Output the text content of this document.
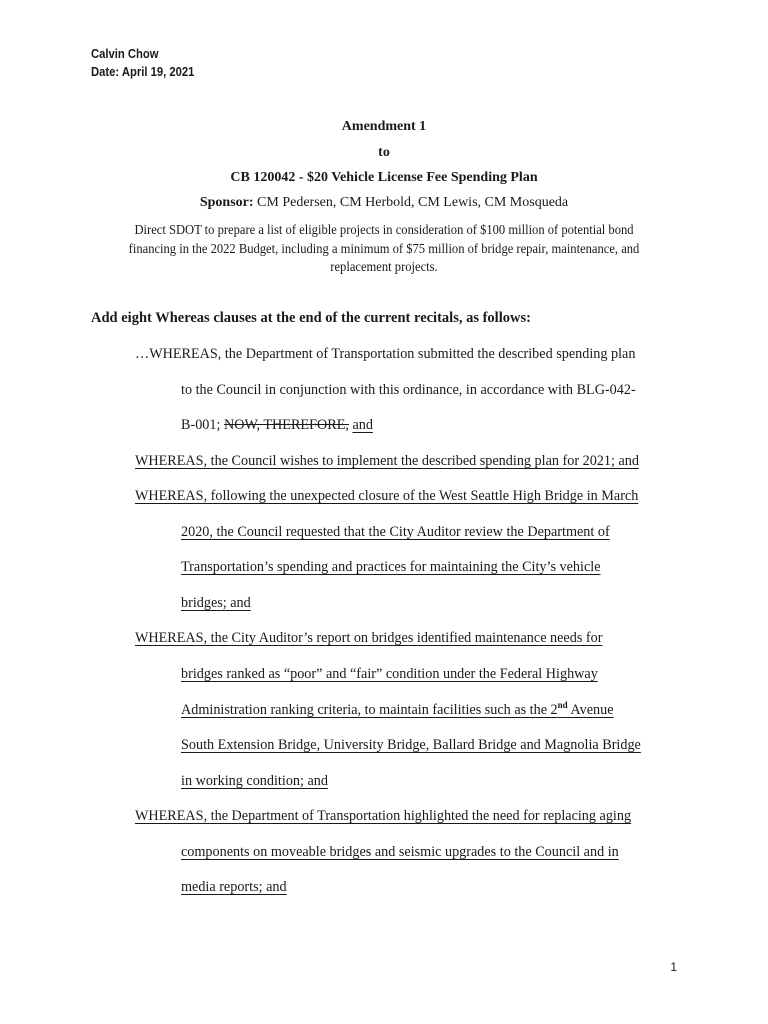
Calvin Chow
Date: April 19, 2021
Amendment 1
to
CB 120042 - $20 Vehicle License Fee Spending Plan
Sponsor: CM Pedersen, CM Herbold, CM Lewis, CM Mosqueda
Direct SDOT to prepare a list of eligible projects in consideration of $100 million of potential bond financing in the 2022 Budget, including a minimum of $75 million of bridge repair, maintenance, and replacement projects.
Add eight Whereas clauses at the end of the current recitals, as follows:
…WHEREAS, the Department of Transportation submitted the described spending plan
to the Council in conjunction with this ordinance, in accordance with BLG-042-
B-001; NOW, THEREFORE, and
WHEREAS, the Council wishes to implement the described spending plan for 2021; and
WHEREAS, following the unexpected closure of the West Seattle High Bridge in March
2020, the Council requested that the City Auditor review the Department of
Transportation’s spending and practices for maintaining the City’s vehicle
bridges; and
WHEREAS, the City Auditor’s report on bridges identified maintenance needs for
bridges ranked as “poor” and “fair” condition under the Federal Highway
Administration ranking criteria, to maintain facilities such as the 2nd Avenue
South Extension Bridge, University Bridge, Ballard Bridge and Magnolia Bridge
in working condition; and
WHEREAS, the Department of Transportation highlighted the need for replacing aging
components on moveable bridges and seismic upgrades to the Council and in
media reports; and
1
